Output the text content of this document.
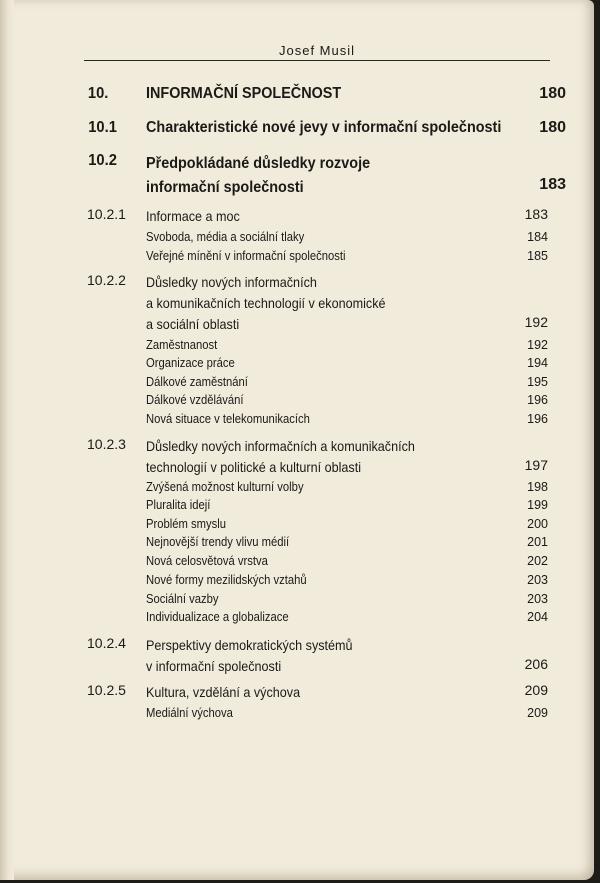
Josef Musil
10. INFORMAČNÍ SPOLEČNOST	180
10.1 Charakteristické nové jevy v informační společnosti	180
10.2 Předpokládané důsledky rozvoje
informační společnosti	183
10.2.1 Informace a moc	183
Svoboda, média a sociální tlaky	184
Veřejné mínění v informační společnosti	185
10.2.2 Důsledky nových informačních
a komunikačních technologií v ekonomické
a sociální oblasti	192
Zaměstnanost	192
Organizace práce	194
Dálkové zaměstnání	195
Dálkové vzdělávání	196
Nová situace v telekomunikacích	196
10.2.3 Důsledky nových informačních a komunikačních
technologií v politické a kulturní oblasti	197
Zvýšená možnost kulturní volby	198
Pluralita idejí	199
Problém smyslu	200
Nejnovější trendy vlivu médií	201
Nová celosvětová vrstva	202
Nové formy mezilidských vztahů	203
Sociální vazby	203
Individualizace a globalizace	204
10.2.4 Perspektivy demokratických systémů
v informační společnosti	206
10.2.5 Kultura, vzdělání a výchova	209
Mediální výchova	209
